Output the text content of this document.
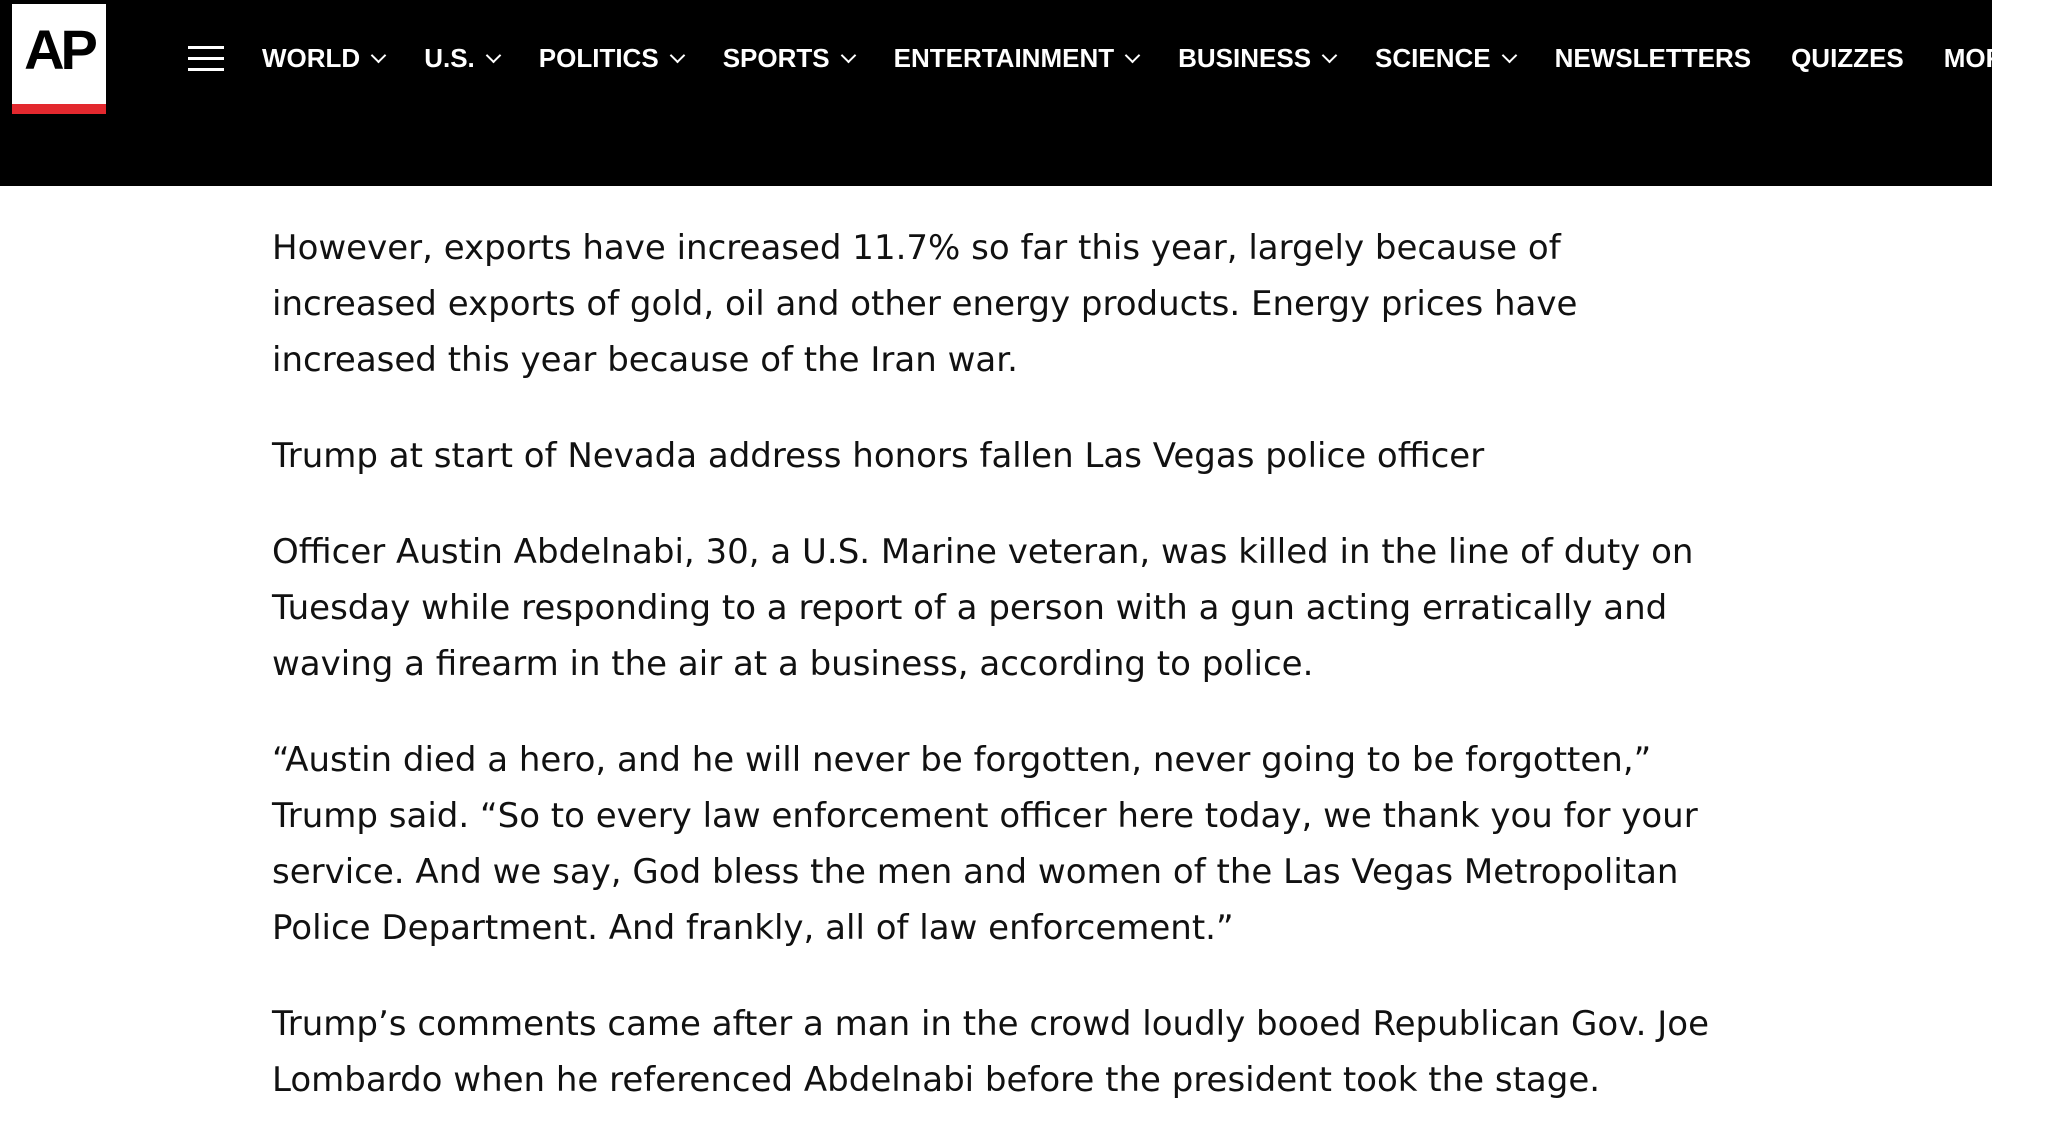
AP	WORLD U.S. POLITICS SPORTS ENTERTAINMENT BUSINESS SCIENCE NEWSLETTERS QUIZZES MORE

However, exports have increased 11.7% so far this year, largely because of increased exports of gold, oil and other energy products. Energy prices have increased this year because of the Iran war.

Trump at start of Nevada address honors fallen Las Vegas police officer

Officer Austin Abdelnabi, 30, a U.S. Marine veteran, was killed in the line of duty on Tuesday while responding to a report of a person with a gun acting erratically and waving a firearm in the air at a business, according to police.

“Austin died a hero, and he will never be forgotten, never going to be forgotten,” Trump said. “So to every law enforcement officer here today, we thank you for your service. And we say, God bless the men and women of the Las Vegas Metropolitan Police Department. And frankly, all of law enforcement.”

Trump’s comments came after a man in the crowd loudly booed Republican Gov. Joe Lombardo when he referenced Abdelnabi before the president took the stage.
